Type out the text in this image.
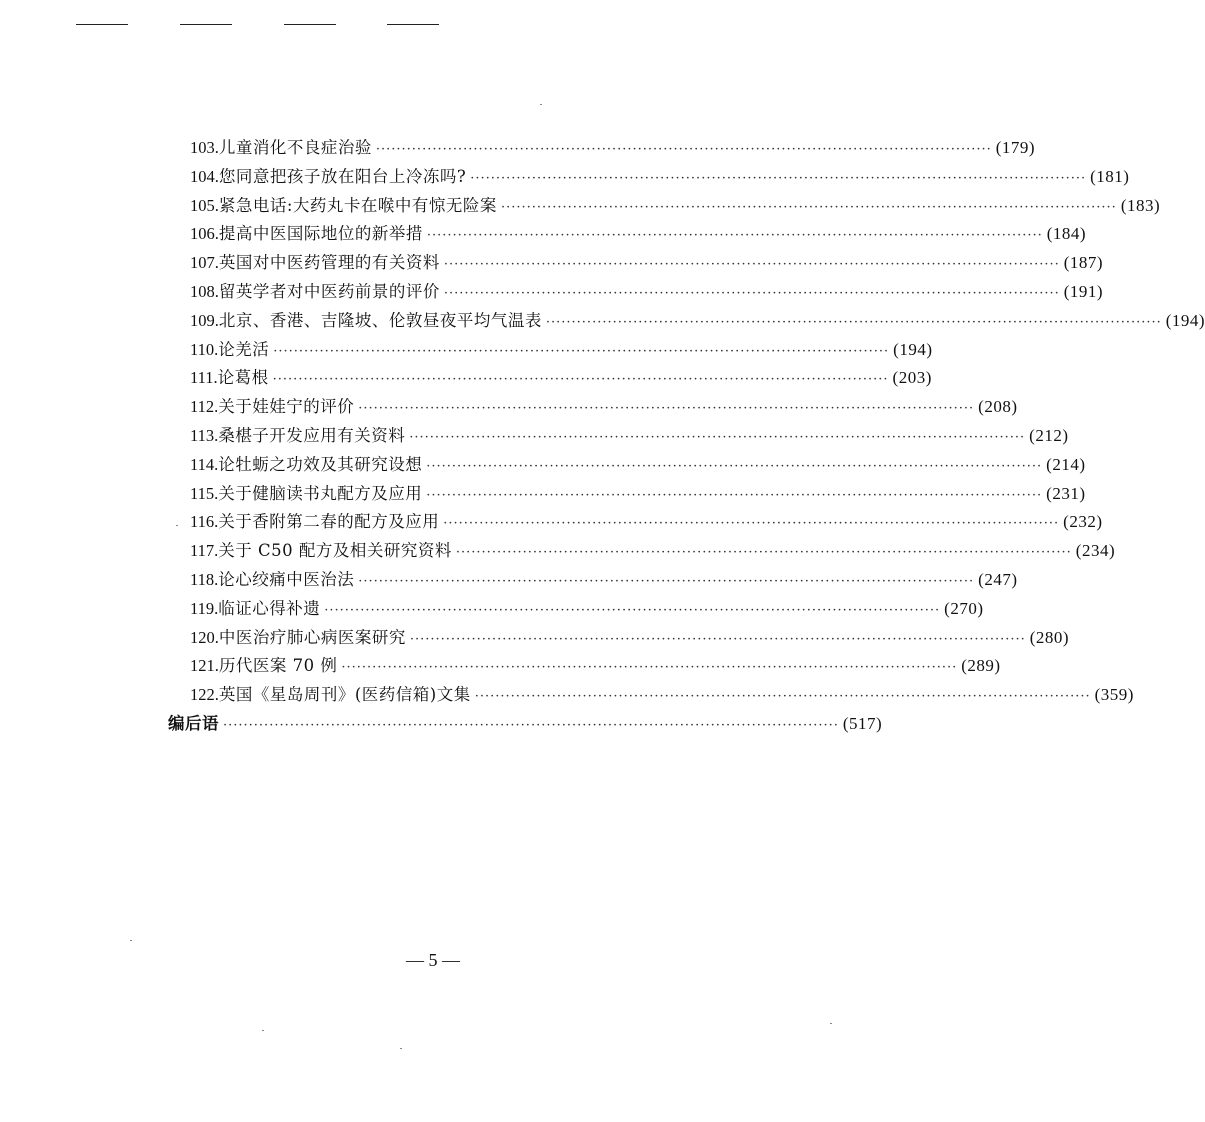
103. 儿童消化不良症治验 ························································································································ (179)
104. 您同意把孩子放在阳台上冷冻吗? ························································································································ (181)
105. 紧急电话:大药丸卡在喉中有惊无险案 ························································································································ (183)
106. 提高中医国际地位的新举措 ························································································································ (184)
107. 英国对中医药管理的有关资料 ························································································································ (187)
108. 留英学者对中医药前景的评价 ························································································································ (191)
109. 北京、香港、吉隆坡、伦敦昼夜平均气温表 ························································································································ (194)
110. 论羌活 ························································································································ (194)
111. 论葛根 ························································································································ (203)
112. 关于娃娃宁的评价 ························································································································ (208)
113. 桑椹子开发应用有关资料 ························································································································ (212)
114. 论牡蛎之功效及其研究设想 ························································································································ (214)
115. 关于健脑读书丸配方及应用 ························································································································ (231)
116. 关于香附第二春的配方及应用 ························································································································ (232)
117. 关于 C50 配方及相关研究资料 ························································································································ (234)
118. 论心绞痛中医治法 ························································································································ (247)
119. 临证心得补遗 ························································································································ (270)
120. 中医治疗肺心病医案研究 ························································································································ (280)
121. 历代医案 70 例 ························································································································ (289)
122. 英国《星岛周刊》(医药信箱)文集 ························································································································ (359)
编后语 ························································································································ (517)
— 5 —
